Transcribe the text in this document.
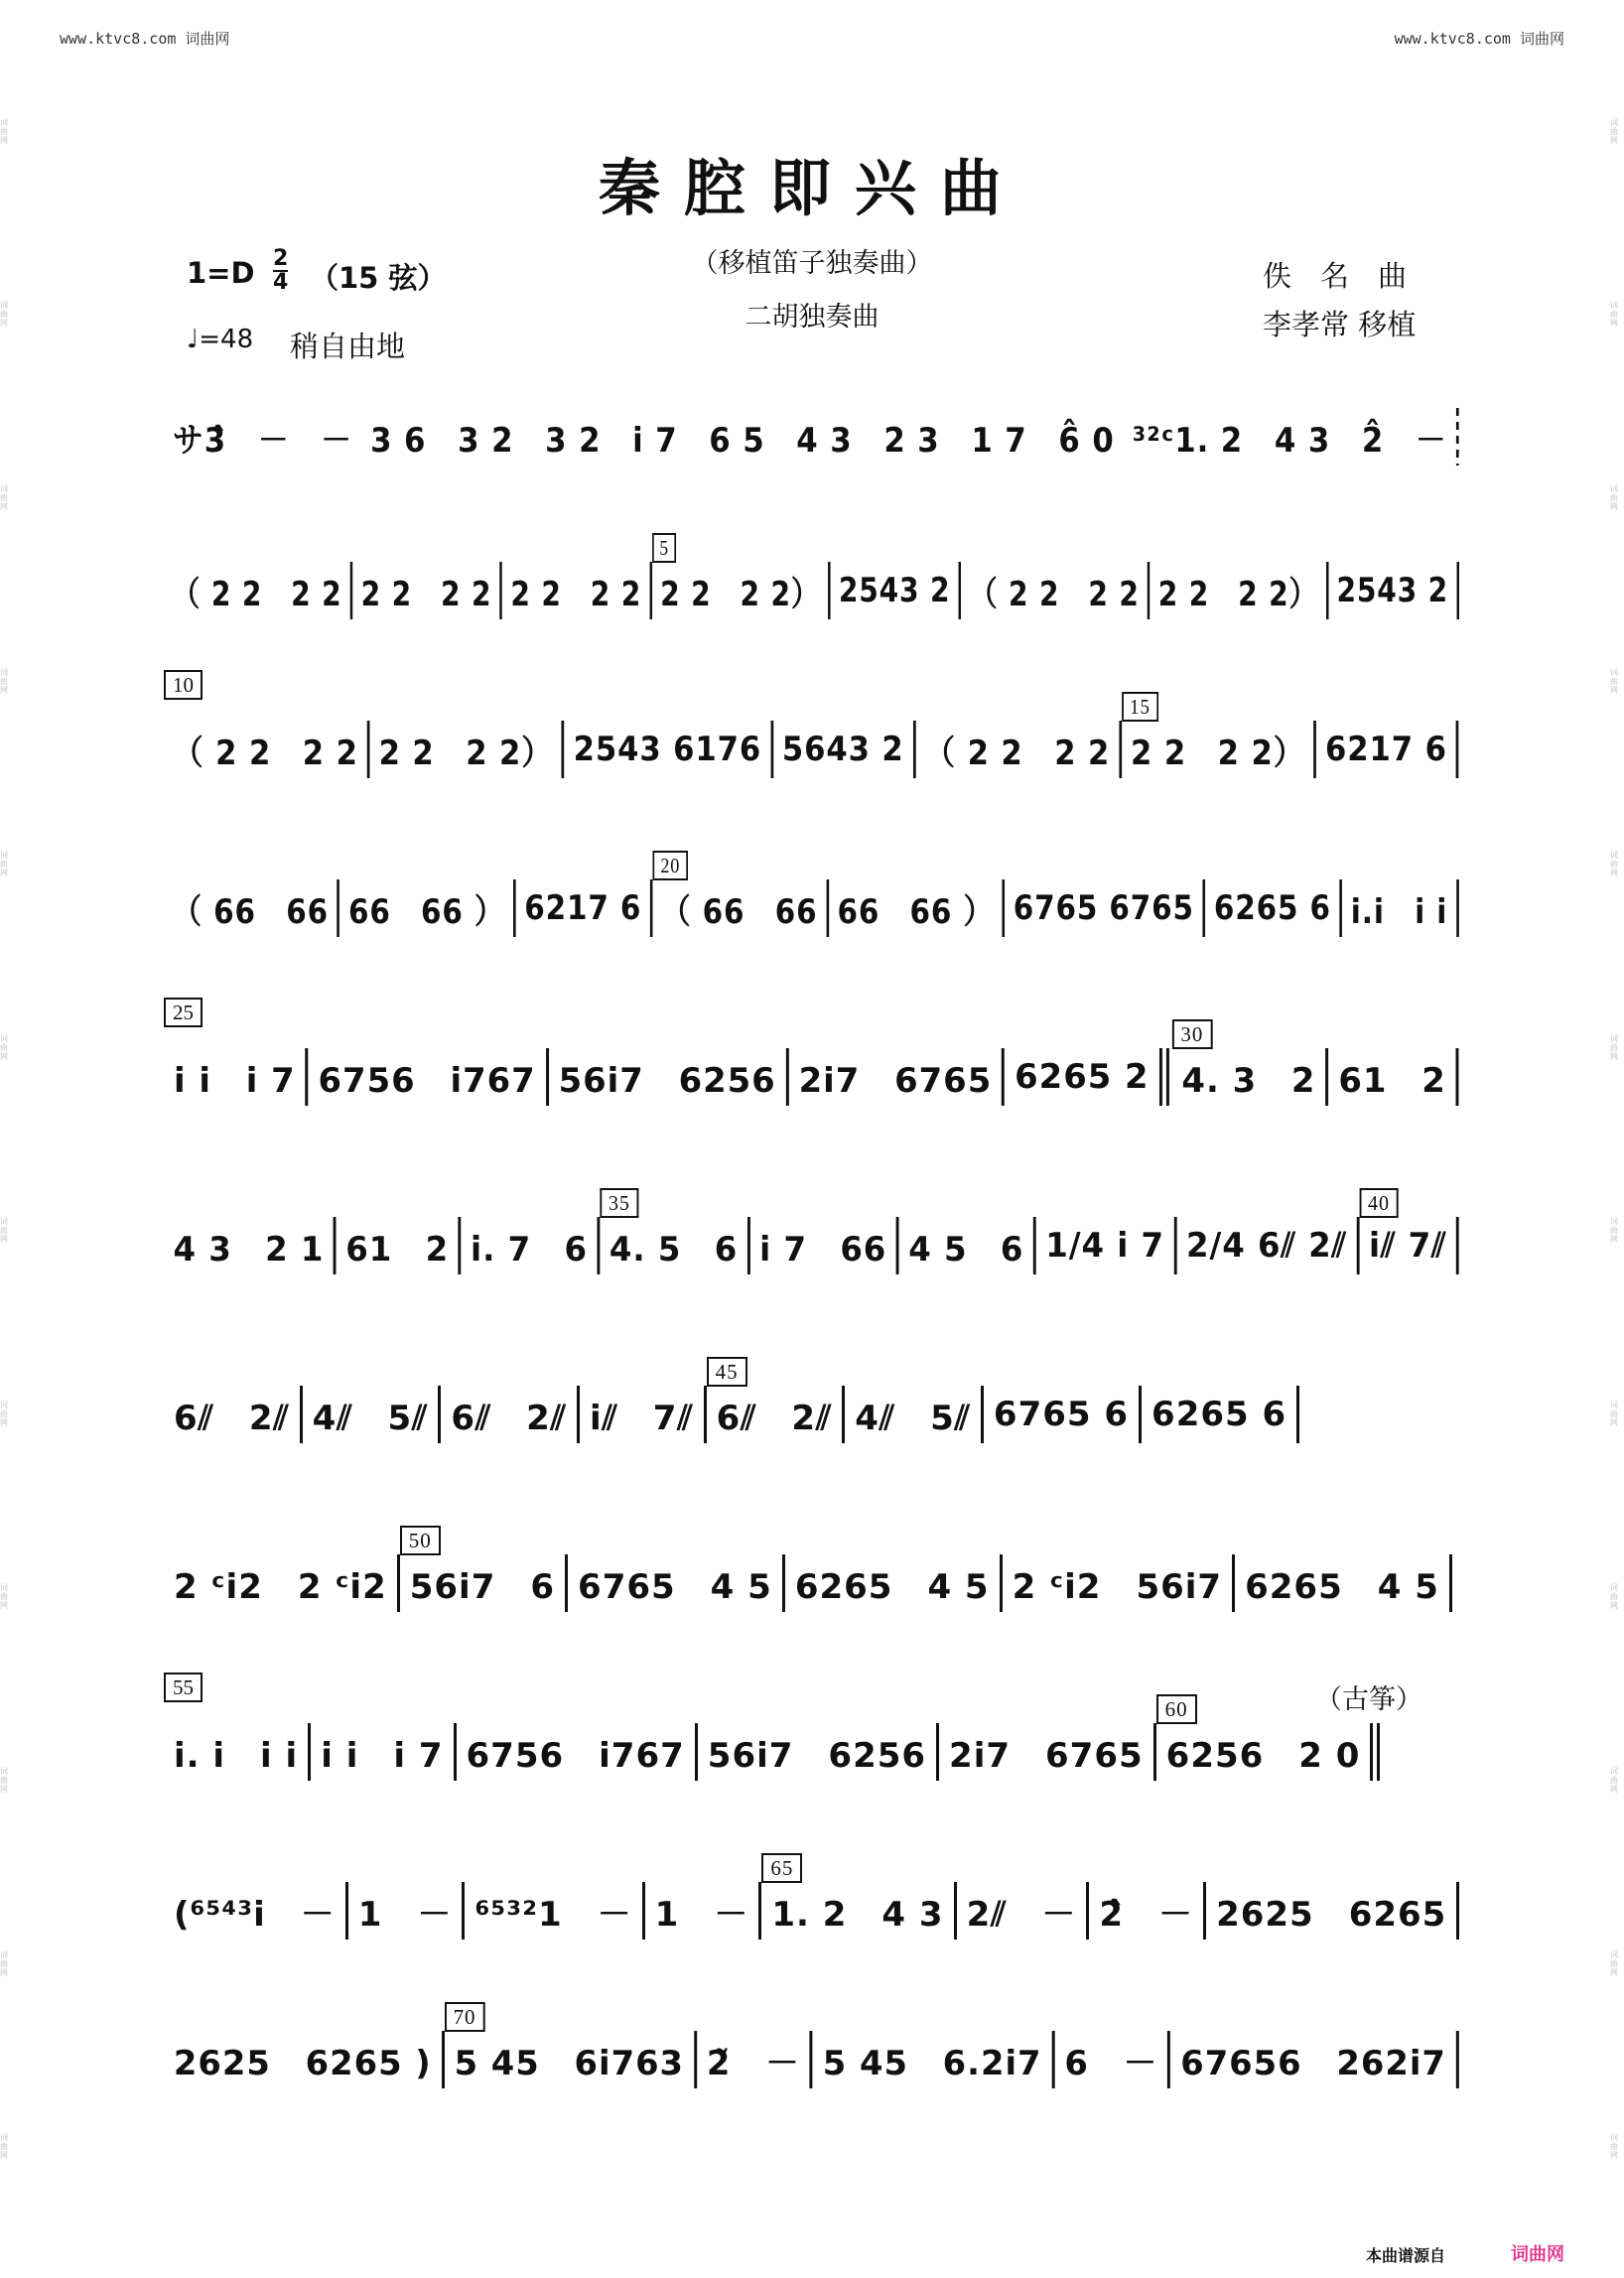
www.ktvc8.com 词曲网	www.ktvc8.com 词曲网
词曲网
词曲网
词曲网
词曲网
词曲网
词曲网
词曲网
词曲网
词曲网
词曲网
词曲网
词曲网
词曲网
词曲网
词曲网
词曲网
词曲网
词曲网
词曲网
词曲网
词曲网
词曲网
词曲网
词曲网
秦腔即兴曲
（移植笛子独奏曲）
二胡独奏曲
1=D 2
4 （15 弦）
♩=48 稍自由地
佚　名　曲
李孝常 移植
サ3̇̂　－　－ 3 6　3 2　3 2　i 7　6 5　4 3　2 3　1 7　6̂ 0 ³²ᶜ1. 2　4 3　2̂　－
（ 2 2　2 2 2 2　2 2 2 2　2 2
5
2 2　2 2） 2543 2 （ 2 2　2 2 2 2　2 2） 2543 2
10
（ 2 2　2 2 2 2　2 2） 2543 6176 5643 2 （ 2 2　2 2
15
2 2　2 2） 6217 6
（ 66　66 66　66 ） 6217 6
20
（ 66　66 66　66 ） 6765 6765 6265 6 i.i　i i
25
i i　i 7 6756　i767 56i7　6256 2i7　6765 6265 2
30
4. 3　2 61　2
4 3　2 1 61　2 i. 7　6
35
4. 5　6 i 7　66 4 5　6 1/4 i 7 2/4 6⫽ 2⫽
40
i⫽ 7⫽
6⫽　2⫽ 4⫽　5⫽ 6⫽　2⫽ i⫽　7⫽
45
6⫽　2⫽ 4⫽　5⫽ 6765 6 6265 6
2 ᶜi2　2 ᶜi2
50
56i7　6 6765　4 5 6265　4 5 2 ᶜi2　56i7 6265　4 5
55	（古筝）
i. i　i i i i　i 7 6756　i767 56i7　6256 2i7　6765
60
6256　2 0
(⁶⁵⁴³i　－ 1　－ ⁶⁵³²1　－ 1　－
65
1. 2　4 3 2⫽　－ 2̂　－ 2625　6265
2625　6265 )
70
5 45　6i763 2̃　－ 5 45　6.2i7 6　－ 67656　262i7
本曲谱源自	词曲网
